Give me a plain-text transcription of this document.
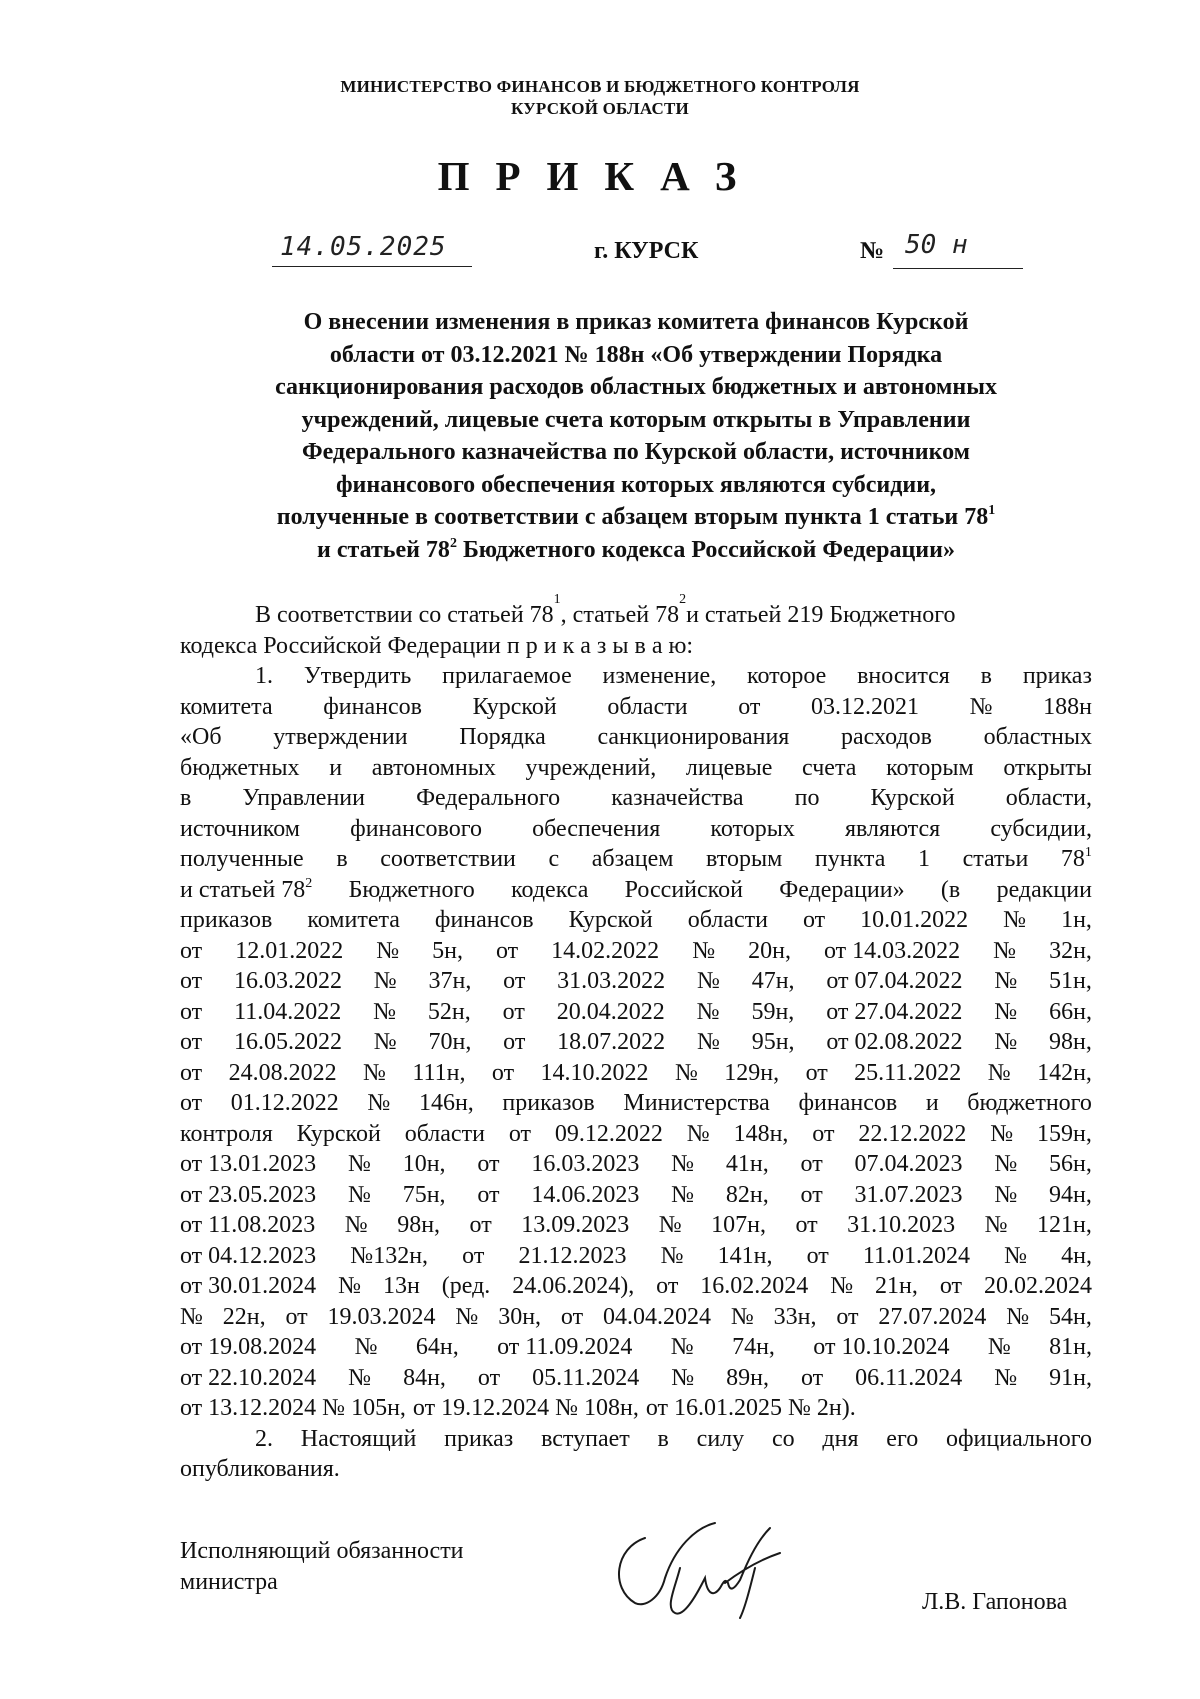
МИНИСТЕРСТВО ФИНАНСОВ И БЮДЖЕТНОГО КОНТРОЛЯ
КУРСКОЙ ОБЛАСТИ
ПРИКАЗ
14.05.2025	г. КУРСК	№ 50 н
О внесении изменения в приказ комитета финансов Курской
области от 03.12.2021 № 188н «Об утверждении Порядка
санкционирования расходов областных бюджетных и автономных
учреждений, лицевые счета которым открыты в Управлении
Федерального казначейства по Курской области, источником
финансового обеспечения которых являются субсидии,
полученные в соответствии с абзацем вторым пункта 1 статьи $78^1$
и статьей $78^2$ Бюджетного кодекса Российской Федерации»
В соответствии со статьей 78
1
, статьей 78
2
и статьей 219 Бюджетного
кодекса Российской Федерации п р и к а з ы в а ю:
1. Утвердить прилагаемое изменение, которое вносится в приказ
комитета финансов Курской области от 03.12.2021 № 188н
«Об утверждении Порядка санкционирования расходов областных
бюджетных и автономных учреждений, лицевые счета которым открыты
в Управлении Федерального казначейства по Курской области,
источником финансового обеспечения которых являются субсидии,
полученные в соответствии с абзацем вторым пункта 1 статьи $78^1$
и статьей $78^2$ Бюджетного кодекса Российской Федерации» (в редакции
приказов комитета финансов Курской области от 10.01.2022 № 1н,
от 12.01.2022 № 5н, от 14.02.2022 № 20н, от 14.03.2022 № 32н,
от 16.03.2022 № 37н, от 31.03.2022 № 47н, от 07.04.2022 № 51н,
от 11.04.2022 № 52н, от 20.04.2022 № 59н, от 27.04.2022 № 66н,
от 16.05.2022 № 70н, от 18.07.2022 № 95н, от 02.08.2022 № 98н,
от 24.08.2022 № 111н, от 14.10.2022 № 129н, от 25.11.2022 № 142н,
от 01.12.2022 № 146н, приказов Министерства финансов и бюджетного
контроля Курской области от 09.12.2022 № 148н, от 22.12.2022 № 159н,
от 13.01.2023 № 10н, от 16.03.2023 № 41н, от 07.04.2023 № 56н,
от 23.05.2023 № 75н, от 14.06.2023 № 82н, от 31.07.2023 № 94н,
от 11.08.2023 № 98н, от 13.09.2023 № 107н, от 31.10.2023 № 121н,
от 04.12.2023 №132н, от 21.12.2023 № 141н, от 11.01.2024 № 4н,
от 30.01.2024 № 13н (ред. 24.06.2024), от 16.02.2024 № 21н, от 20.02.2024
№ 22н, от 19.03.2024 № 30н, от 04.04.2024 № 33н, от 27.07.2024 № 54н,
от 19.08.2024 № 64н, от 11.09.2024 № 74н, от 10.10.2024 № 81н,
от 22.10.2024 № 84н, от 05.11.2024 № 89н, от 06.11.2024 № 91н,
от 13.12.2024 № 105н, от 19.12.2024 № 108н, от 16.01.2025 № 2н).
2. Настоящий приказ вступает в силу со дня его официального
опубликования.
Исполняющий обязанности
министра
Л.В. Гапонова
